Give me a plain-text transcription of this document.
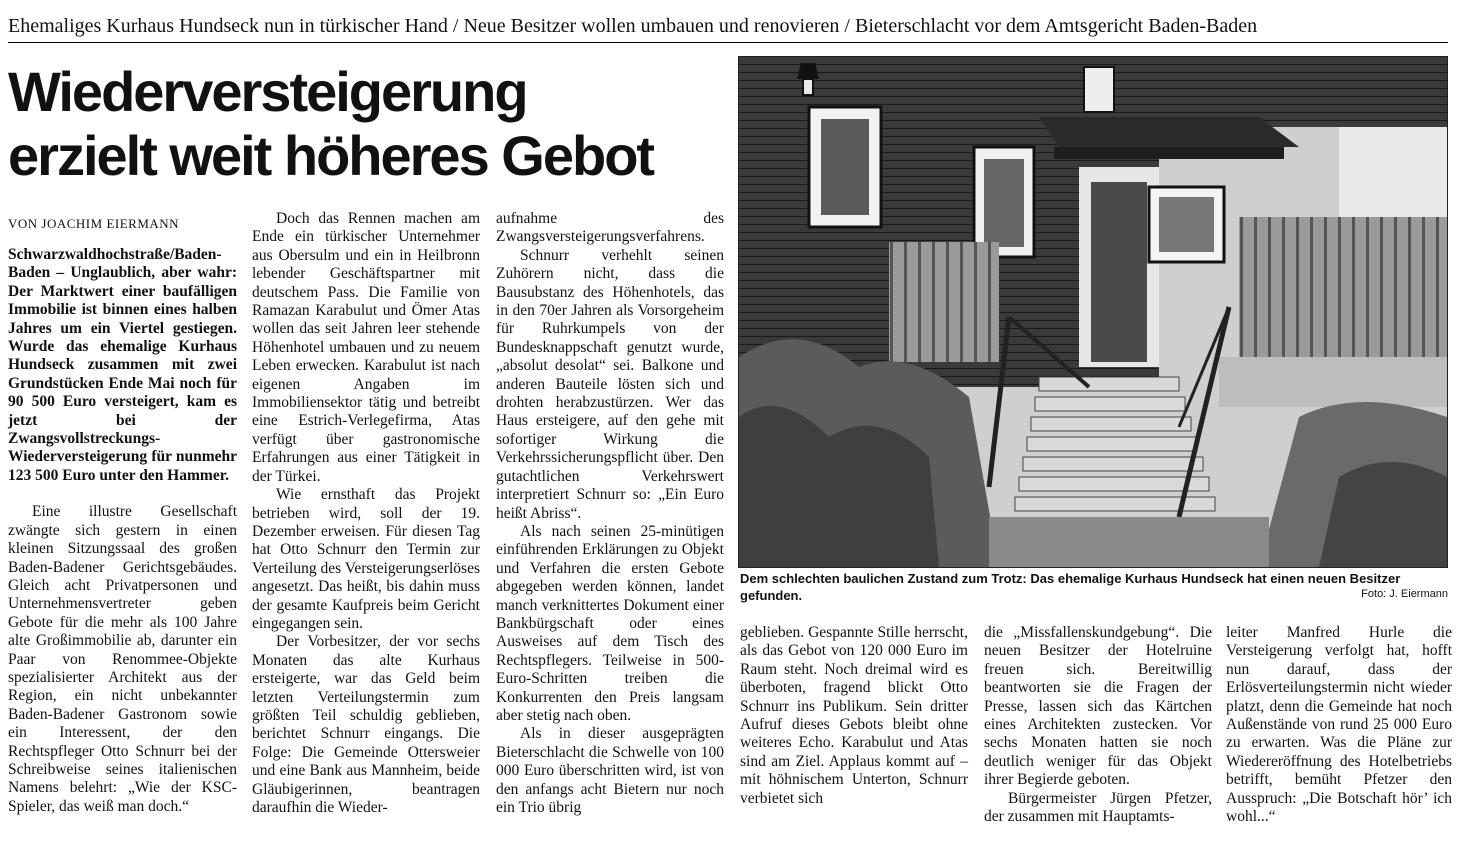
Ehemaliges Kurhaus Hundseck nun in türkischer Hand / Neue Besitzer wollen umbauen und renovieren / Bieterschlacht vor dem Amtsgericht Baden-Baden
Wiederversteigerung
erzielt weit höheres Gebot
VON JOACHIM EIERMANN

Schwarzwaldhochstraße/Baden-Baden – Unglaublich, aber wahr: Der Marktwert einer baufälligen Immobilie ist binnen eines halben Jahres um ein Viertel gestiegen. Wurde das ehemalige Kurhaus Hundseck zusammen mit zwei Grundstücken Ende Mai noch für 90 500 Euro versteigert, kam es jetzt bei der Zwangsvollstreckungs-Wiederversteigerung für nunmehr 123 500 Euro unter den Hammer.

Eine illustre Gesellschaft zwängte sich gestern in einen kleinen Sitzungssaal des großen Baden-Badener Gerichtsgebäudes. Gleich acht Privatpersonen und Unternehmensvertreter geben Gebote für die mehr als 100 Jahre alte Großimmobilie ab, darunter ein Paar von Renommee-Objekte spezialisierter Architekt aus der Region, ein nicht unbekannter Baden-Badener Gastronom sowie ein Interessent, der den Rechtspfleger Otto Schnurr bei der Schreibweise seines italienischen Namens belehrt: „Wie der KSC-Spieler, das weiß man doch.“

Doch das Rennen machen am Ende ein türkischer Unternehmer aus Obersulm und ein in Heilbronn lebender Geschäftspartner mit deutschem Pass. Die Familie von Ramazan Karabulut und Ömer Atas wollen das seit Jahren leer stehende Höhenhotel umbauen und zu neuem Leben erwecken. Karabulut ist nach eigenen Angaben im Immobiliensektor tätig und betreibt eine Estrich-Verlegefirma, Atas verfügt über gastronomische Erfahrungen aus einer Tätigkeit in der Türkei.

Wie ernsthaft das Projekt betrieben wird, soll der 19. Dezember erweisen. Für diesen Tag hat Otto Schnurr den Termin zur Verteilung des Versteigerungserlöses angesetzt. Das heißt, bis dahin muss der gesamte Kaufpreis beim Gericht eingegangen sein.

Der Vorbesitzer, der vor sechs Monaten das alte Kurhaus ersteigerte, war das Geld beim letzten Verteilungstermin zum größten Teil schuldig geblieben, berichtet Schnurr eingangs. Die Folge: Die Gemeinde Ottersweier und eine Bank aus Mannheim, beide Gläubigerinnen, beantragen daraufhin die Wieder-

aufnahme des Zwangsversteigerungsverfahrens.

Schnurr verhehlt seinen Zuhörern nicht, dass die Bausubstanz des Höhenhotels, das in den 70er Jahren als Vorsorgeheim für Ruhrkumpels von der Bundesknappschaft genutzt wurde, „absolut desolat“ sei. Balkone und anderen Bauteile lösten sich und drohten herabzustürzen. Wer das Haus ersteigere, auf den gehe mit sofortiger Wirkung die Verkehrssicherungspflicht über. Den gutachtlichen Verkehrswert interpretiert Schnurr so: „Ein Euro heißt Abriss“.

Als nach seinen 25-minütigen einführenden Erklärungen zu Objekt und Verfahren die ersten Gebote abgegeben werden können, landet manch verknittertes Dokument einer Bankbürgschaft oder eines Ausweises auf dem Tisch des Rechtspflegers. Teilweise in 500-Euro-Schritten treiben die Konkurrenten den Preis langsam aber stetig nach oben.

Als in dieser ausgeprägten Bieterschlacht die Schwelle von 100 000 Euro überschritten wird, ist von den anfangs acht Bietern nur noch ein Trio übrig

Dem schlechten baulichen Zustand zum Trotz: Das ehemalige Kurhaus Hundseck hat einen neuen Besitzer gefunden.	Foto: J. Eiermann

geblieben. Gespannte Stille herrscht, als das Gebot von 120 000 Euro im Raum steht. Noch dreimal wird es überboten, fragend blickt Otto Schnurr ins Publikum. Sein dritter Aufruf dieses Gebots bleibt ohne weiteres Echo. Karabulut und Atas sind am Ziel. Applaus kommt auf – mit höhnischem Unterton, Schnurr verbietet sich

die „Missfallenskundgebung“. Die neuen Besitzer der Hotelruine freuen sich. Bereitwillig beantworten sie die Fragen der Presse, lassen sich das Kärtchen eines Architekten zustecken. Vor sechs Monaten hatten sie noch deutlich weniger für das Objekt ihrer Begierde geboten.

Bürgermeister Jürgen Pfetzer, der zusammen mit Hauptamts-

leiter Manfred Hurle die Versteigerung verfolgt hat, hofft nun darauf, dass der Erlösverteilungstermin nicht wieder platzt, denn die Gemeinde hat noch Außenstände von rund 25 000 Euro zu erwarten. Was die Pläne zur Wiedereröffnung des Hotelbetriebs betrifft, bemüht Pfetzer den Ausspruch: „Die Botschaft hör’ ich wohl...“
